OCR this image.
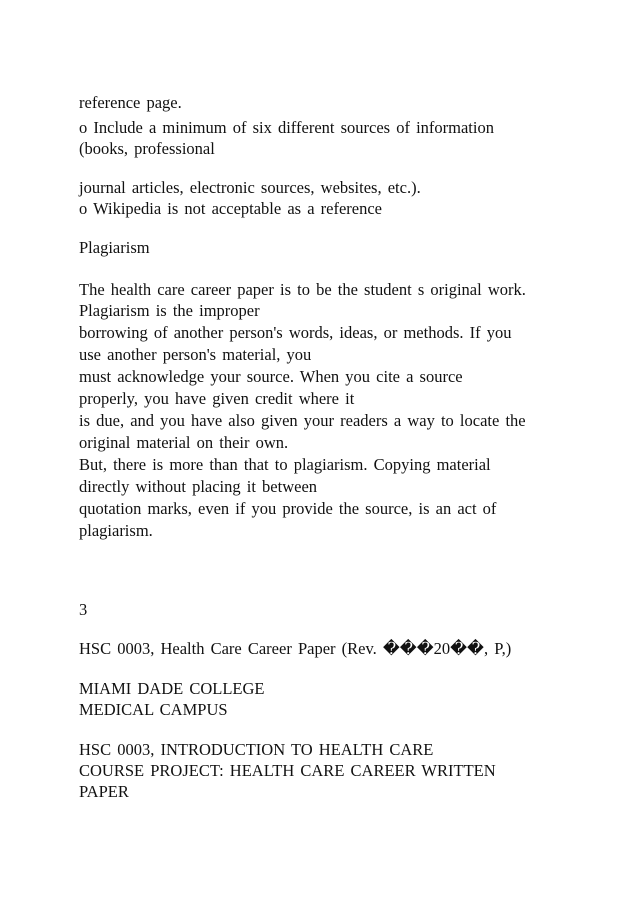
reference page.
o Include a minimum of six different sources of information
(books, professional
journal articles, electronic sources, websites, etc.).
o Wikipedia is not acceptable as a reference
Plagiarism
The health care career paper is to be the student s original work.
Plagiarism is the improper
borrowing of another person's words, ideas, or methods. If you
use another person's material, you
must acknowledge your source. When you cite a source
properly, you have given credit where it
is due, and you have also given your readers a way to locate the
original material on their own.
But, there is more than that to plagiarism. Copying material
directly without placing it between
quotation marks, even if you provide the source, is an act of
plagiarism.
3
HSC 0003, Health Care Career Paper (Rev. ���20��, P,)
MIAMI DADE COLLEGE
MEDICAL CAMPUS
HSC 0003, INTRODUCTION TO HEALTH CARE
COURSE PROJECT: HEALTH CARE CAREER WRITTEN
PAPER
